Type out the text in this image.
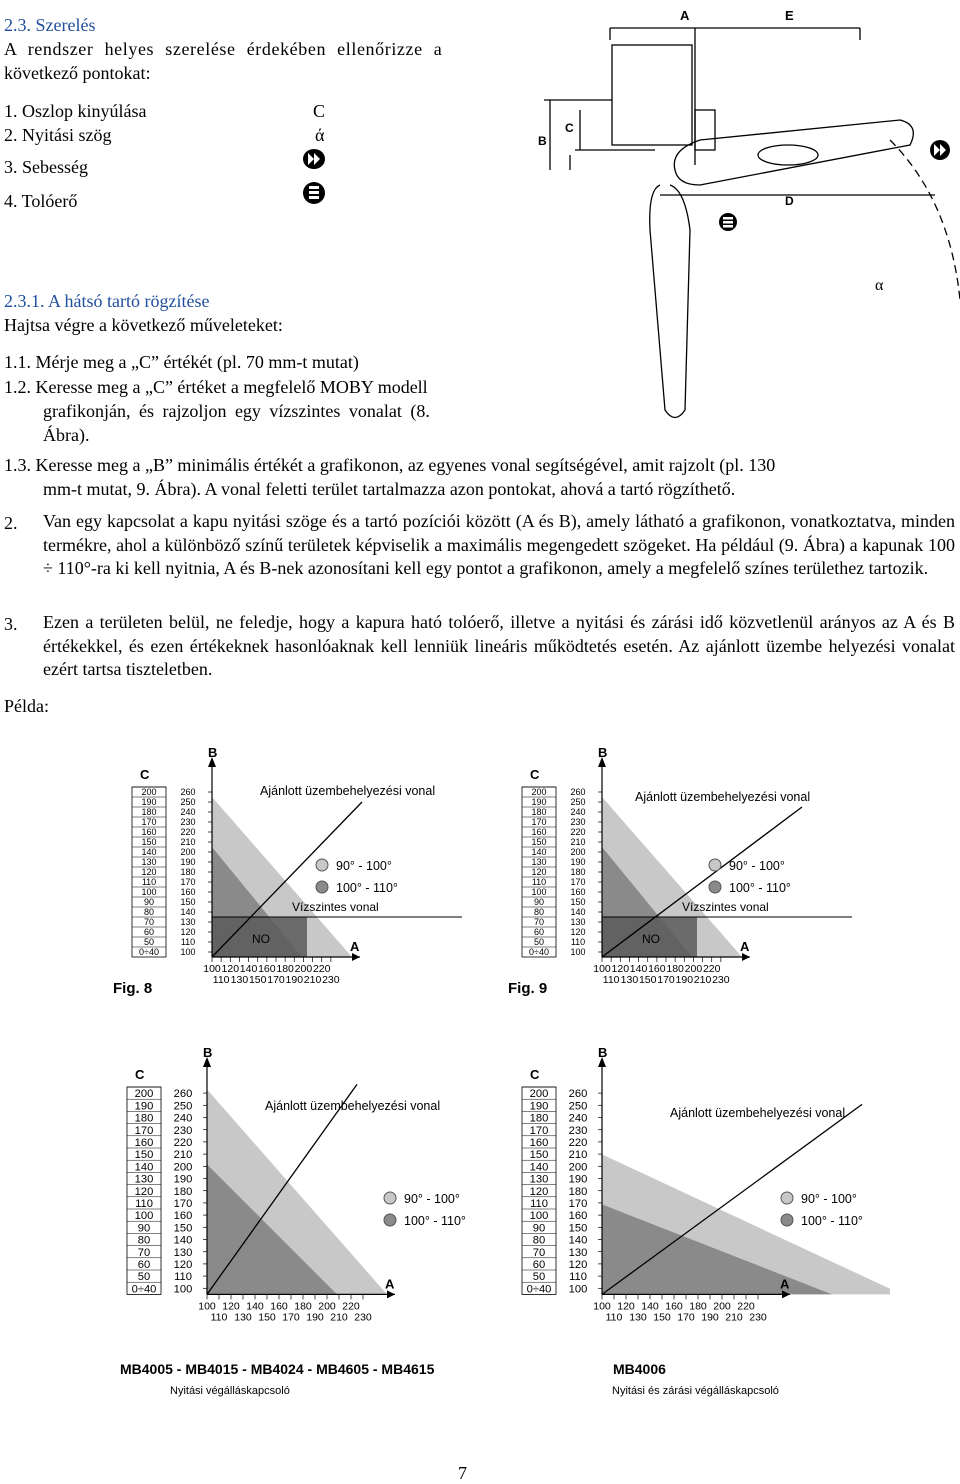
2.3. Szerelés
A rendszer helyes szerelése érdekében ellenőrizze a
következő pontokat:
1. Oszlop kinyúlása	C
2. Nyitási szög	ά
3. Sebesség
4. Tolóerő
2.3.1. A hátsó tartó rögzítése
Hajtsa végre a következő műveleteket:
1.1. Mérje meg a „C” értékét (pl. 70 mm-t mutat)
1.2. Keresse meg a „C” értéket a megfelelő MOBY modell
grafikonján, és rajzoljon egy vízszintes vonalat (8.
Ábra).
1.3. Keresse meg a „B” minimális értékét a grafikonon, az egyenes vonal segítségével, amit rajzolt (pl. 130
mm-t mutat, 9. Ábra). A vonal feletti terület tartalmazza azon pontokat, ahová a tartó rögzíthető.
2. Van egy kapcsolat a kapu nyitási szöge és a tartó pozíciói között (A és B), amely látható a grafikonon, vonatkoztatva, minden termékre, ahol a különböző színű területek képviselik a maximális megengedett szögeket. Ha például (9. Ábra) a kapunak 100 ÷ 110°-ra ki kell nyitnia, A és B-nek azonosítani kell egy pontot a grafikonon, amely a megfelelő színes területhez tartozik.
3. Ezen a területen belül, ne feledje, hogy a kapura ható tolóerő, illetve a nyitási és zárási idő közvetlenül arányos az A és B értékekkel, és ezen értékeknek hasonlóaknak kell lenniük lineáris működtetés esetén. Az ajánlott üzembe helyezési vonalat ezért tartsa tiszteletben.
Példa:
A	E
B
C
D
α
NO
Vízszintes vonal
Ajánlott üzembehelyezési vonal
C
200
190
180
170
160
150
140
130
120
110
100
90
80
70
60
50
0÷40
B
260
250
240
230
220
210
200
190
180
170
160
150
140
130
120
110
100	A
100 120 140 160 180 200 220
110 130 150 170 190 210 230
90° - 100°
100° - 110°
NO
Vízszintes vonal
Ajánlott üzembehelyezési vonal
C
200
190
180
170
160
150
140
130
120
110
100
90
80
70
60
50
0÷40
B
260
250
240
230
220
210
200
190
180
170
160
150
140
130
120
110
100	A
100 120 140 160 180 200 220
110 130 150 170 190 210 230
90° - 100°
100° - 110°
Ajánlott üzembehelyezési vonal
C
200
190
180
170
160
150
140
130
120
110
100
90
80
70
60
50
0÷40
B
260
250
240
230
220
210
200
190
180
170
160
150
140
130
120
110
100	A
100 120 140 160 180 200 220
110 130 150 170 190 210 230
90° - 100°
100° - 110°
Ajánlott üzembehelyezési vonal
C
200
190
180
170
160
150
140
130
120
110
100
90
80
70
60
50
0÷40
B
260
250
240
230
220
210
200
190
180
170
160
150
140
130
120
110
100	A
100 120 140 160 180 200 220
110 130 150 170 190 210 230
90° - 100°
100° - 110°
Fig. 8	Fig. 9
MB4005 - MB4015 - MB4024 - MB4605 - MB4615
Nyitási végálláskapcsoló
MB4006
Nyitási és zárási végálláskapcsoló
7
